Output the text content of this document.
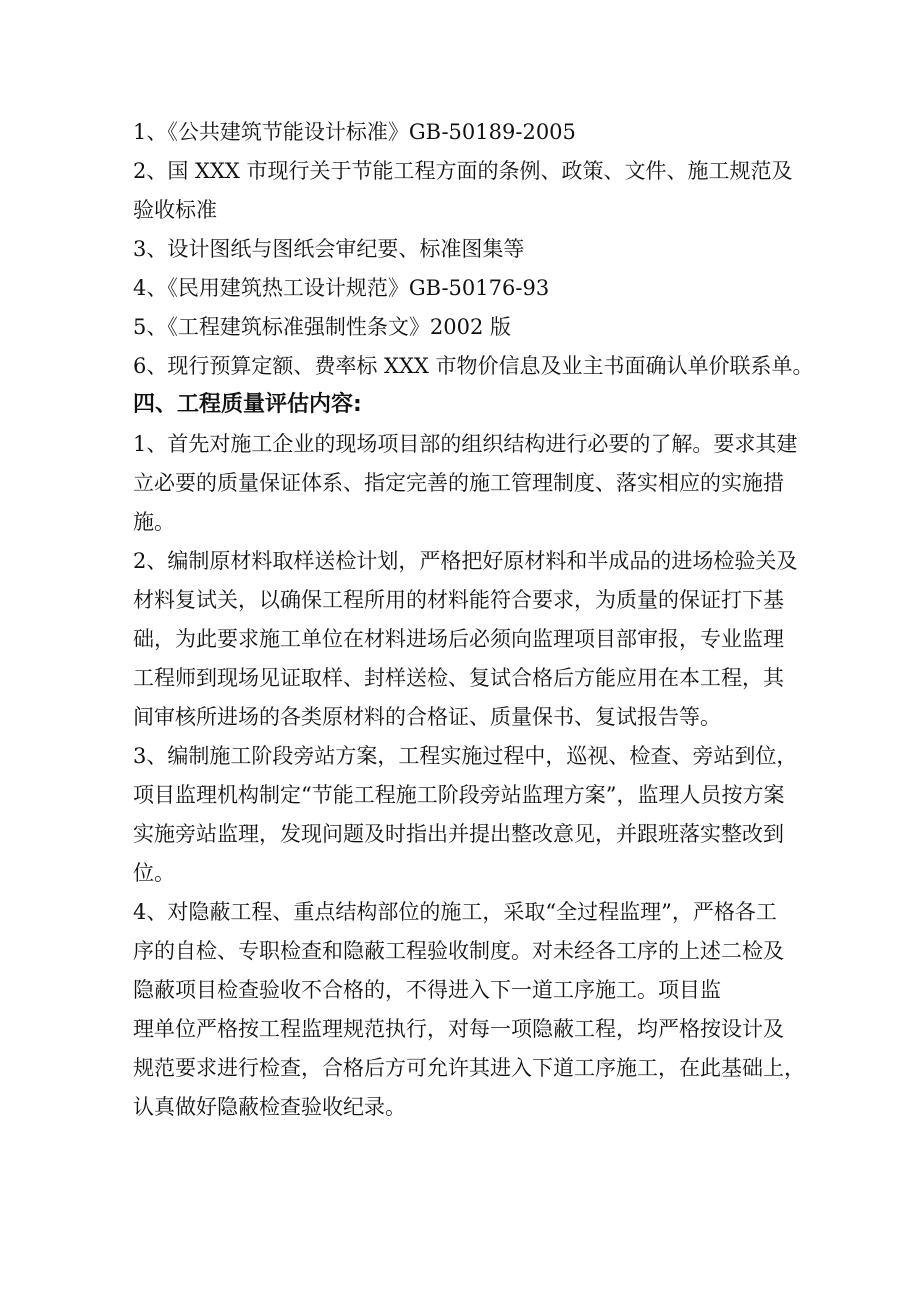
1、《公共建筑节能设计标准》GB-50189-2005
2、国 XXX 市现行关于节能工程方面的条例、政策、文件、施工规范及
验收标准
3、设计图纸与图纸会审纪要、标准图集等
4、《民用建筑热工设计规范》GB-50176-93
5、《工程建筑标准强制性条文》2002 版
6、现行预算定额、费率标 XXX 市物价信息及业主书面确认单价联系单。
四、工程质量评估内容:
1、首先对施工企业的现场项目部的组织结构进行必要的了解。要求其建
立必要的质量保证体系、指定完善的施工管理制度、落实相应的实施措
施。
2、编制原材料取样送检计划，严格把好原材料和半成品的进场检验关及
材料复试关，以确保工程所用的材料能符合要求，为质量的保证打下基
础，为此要求施工单位在材料进场后必须向监理项目部审报，专业监理
工程师到现场见证取样、封样送检、复试合格后方能应用在本工程，其
间审核所进场的各类原材料的合格证、质量保书、复试报告等。
3、编制施工阶段旁站方案，工程实施过程中，巡视、检查、旁站到位，
项目监理机构制定“节能工程施工阶段旁站监理方案”，监理人员按方案
实施旁站监理，发现问题及时指出并提出整改意见，并跟班落实整改到
位。
4、对隐蔽工程、重点结构部位的施工，采取“全过程监理”，严格各工
序的自检、专职检查和隐蔽工程验收制度。对未经各工序的上述二检及
隐蔽项目检查验收不合格的，不得进入下一道工序施工。项目监
理单位严格按工程监理规范执行，对每一项隐蔽工程，均严格按设计及
规范要求进行检查，合格后方可允许其进入下道工序施工，在此基础上，
认真做好隐蔽检查验收纪录。
